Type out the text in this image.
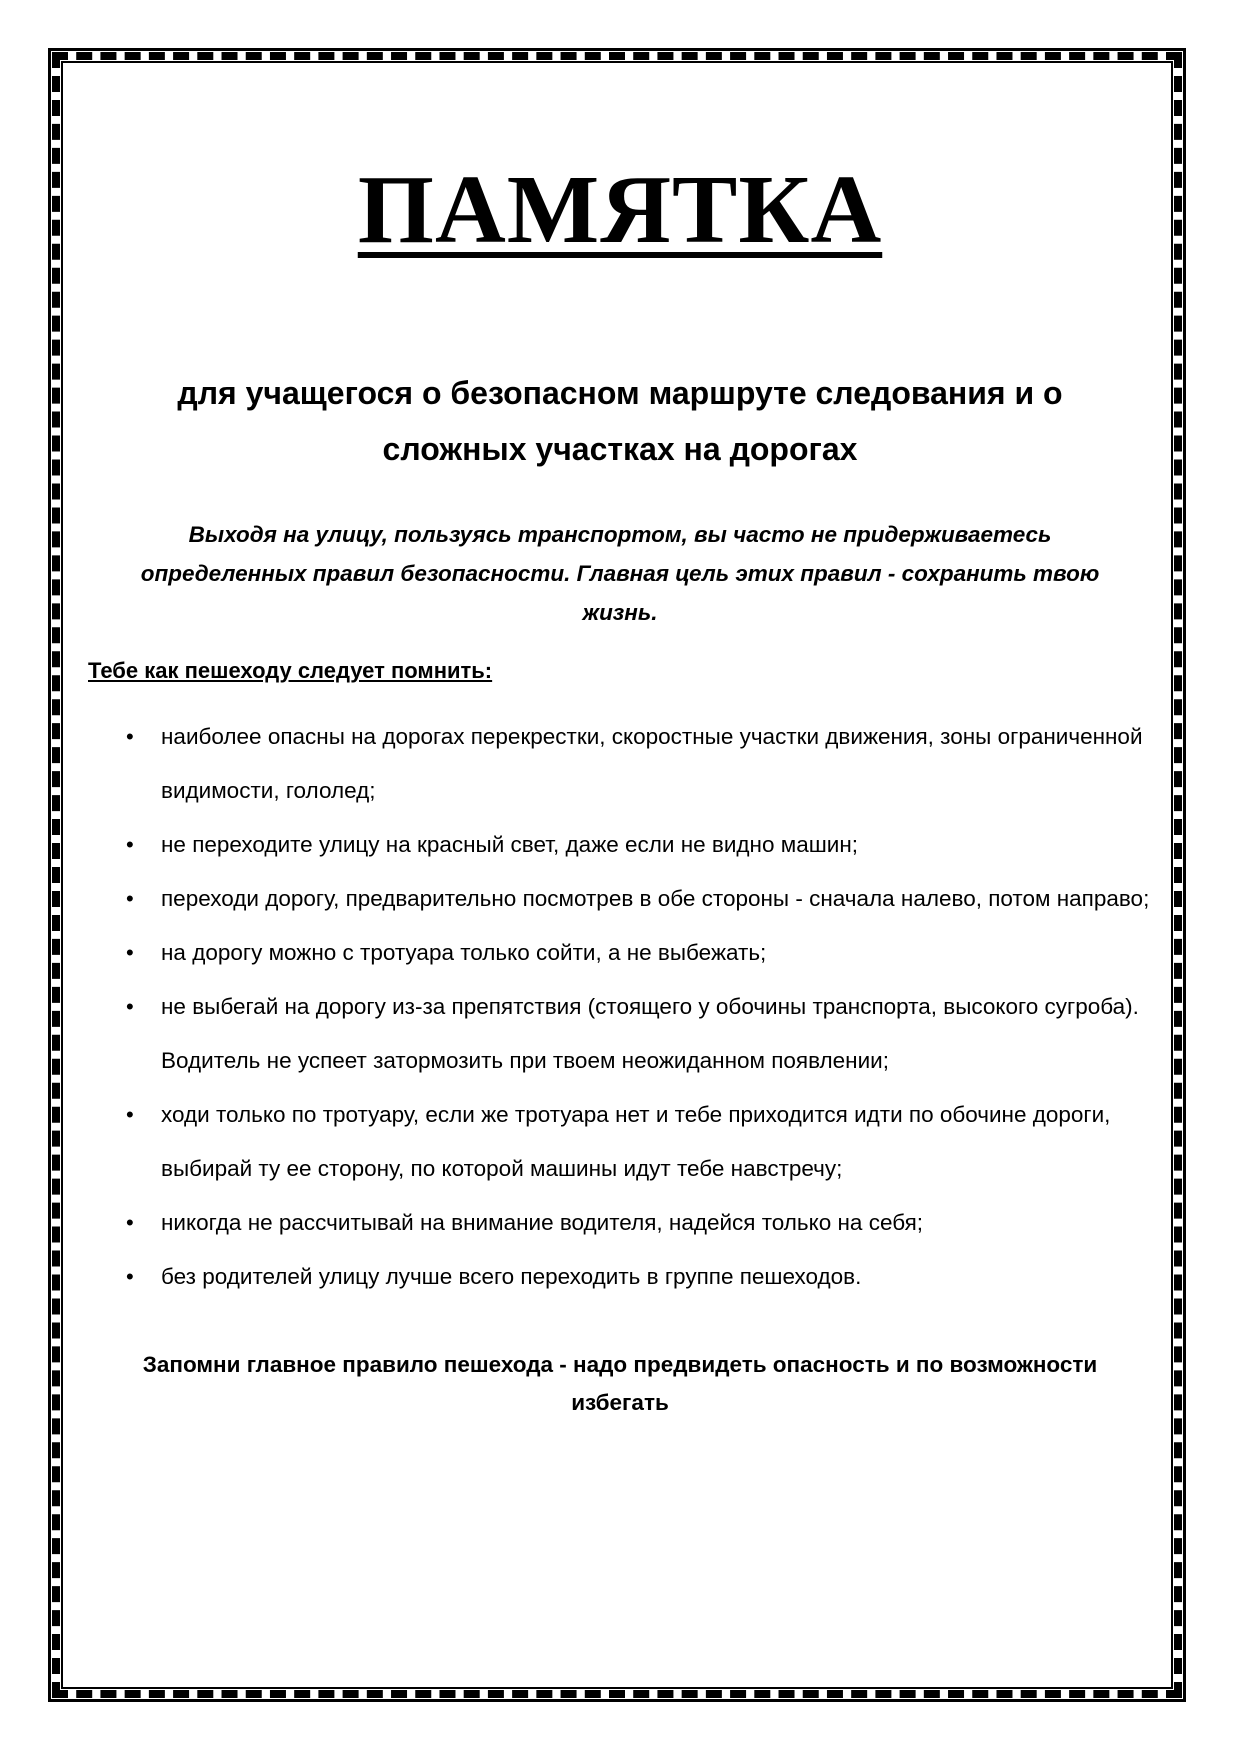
ПАМЯТКА

для учащегося о безопасном маршруте следования и о сложных участках на дорогах

Выходя на улицу, пользуясь транспортом, вы часто не придерживаетесь определенных правил безопасности. Главная цель этих правил - сохранить твою жизнь.

Тебе как пешеходу следует помнить:

• наиболее опасны на дорогах перекрестки, скоростные участки движения, зоны ограниченной видимости, гололед;
• не переходите улицу на красный свет, даже если не видно машин;
• переходи дорогу, предварительно посмотрев в обе стороны - сначала налево, потом направо;
• на дорогу можно с тротуара только сойти, а не выбежать;
• не выбегай на дорогу из-за препятствия (стоящего у обочины транспорта, высокого сугроба). Водитель не успеет затормозить при твоем неожиданном появлении;
• ходи только по тротуару, если же тротуара нет и тебе приходится идти по обочине дороги, выбирай ту ее сторону, по которой машины идут тебе навстречу;
• никогда не рассчитывай на внимание водителя, надейся только на себя;
• без родителей улицу лучше всего переходить в группе пешеходов.

Запомни главное правило пешехода - надо предвидеть опасность и по возможности избегать
